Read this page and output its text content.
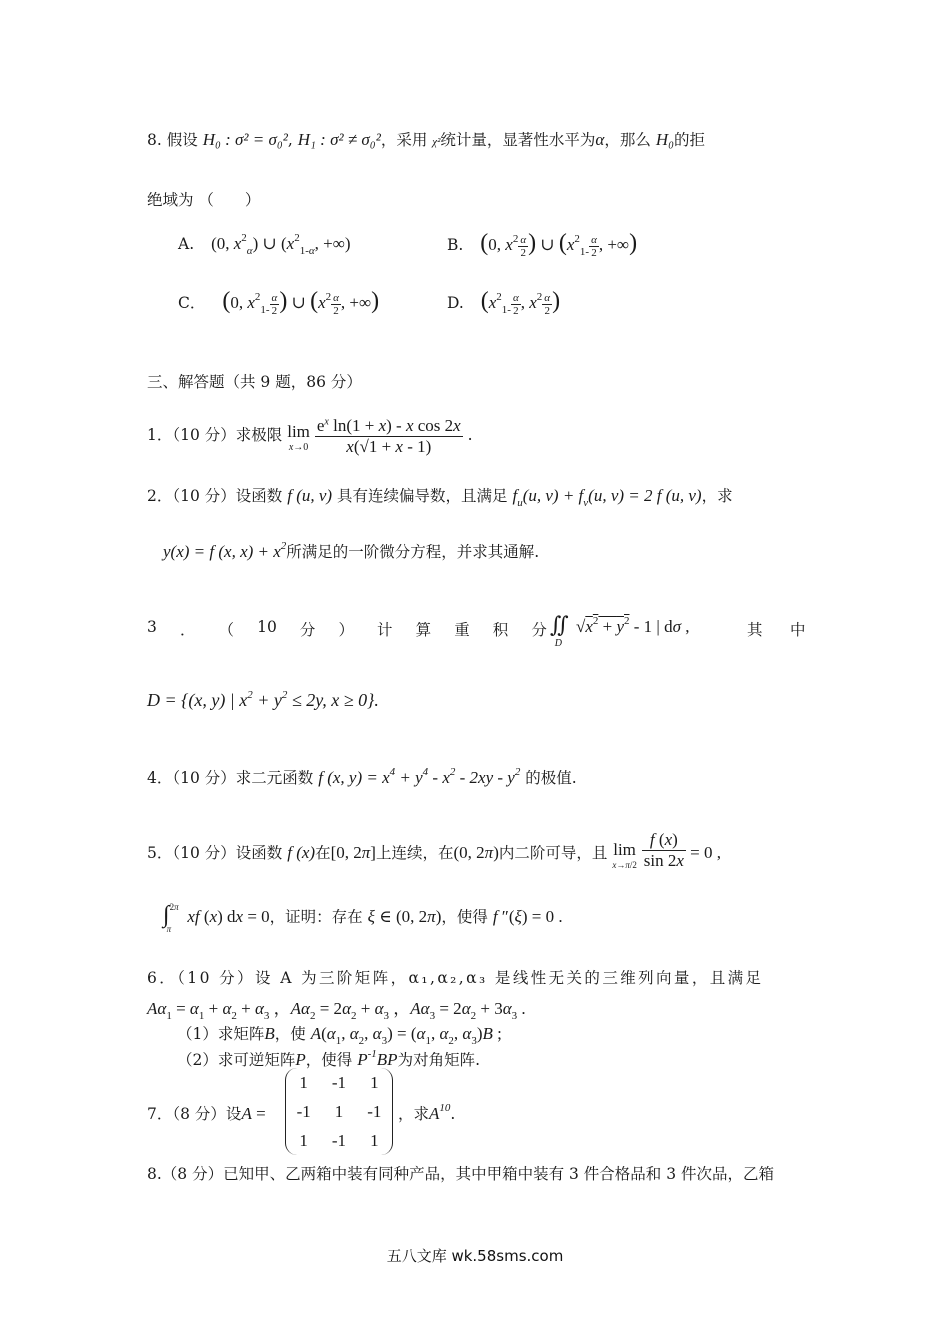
8. 假设 H₀ : σ² = σ₀², H₁ : σ² ≠ σ₀²，采用 χ²统计量，显著性水平为α，那么 H₀的拒
绝域为 （　　）
A. (0, $x^2_\alpha$) ∪ ($x^2_{1-\alpha}$, +∞)	B. (0, $x^2 \frac{\alpha}{2}$ ) ∪ ($x^2_{1-} \frac{\alpha}{2}$ , +∞)
C． (0, $x^2_{1-} \frac{\alpha}{2}$ ) ∪ ($x^2 \frac{\alpha}{2}$ , +∞)	D. ($x^2_{1-} \frac{\alpha}{2}$ , $x^2 \frac{\alpha}{2}$ )
三、解答题（共 9 题，86 分）
1．（10 分）求极限 lim
x→0
$\frac{e^x \ln(1 + x) - x \cos 2x}{x(√1 + x - 1)}$ .
2．（10 分）设函数 f (u, v) 具有连续偏导数，且满足 $f_u(u$, $v) + f_v(u$, v) = 2 f (u, v)，求
y(x) = f (x, $x) + x^2$所满足的一阶微分方程，并求其通解.
3 ． （ 10 分 ） 计 算 重 积 分 $∬_D√x^2 + y^2 - 1$ | dσ ,	其 中
D = {(x, y) | $x^2 + y^2 \le 2y$, x ≥ 0}.
4．（10 分）求二元函数 f (x, $y) = x^4 + y^4 - x^2 - 2xy - y^2$ 的极值.
5．（10 分）设函数 f (x)在[0, 2π]上连续，在(0, 2π)内二阶可导，且 lim
x→π/2
$\frac{f (x)}{\sin 2x} = 0$ ,
∫$^{2\pi}_\pi$ xf (x) dx = 0，证明：存在 ξ ∈ (0, 2π)，使得 f ″(ξ) = 0 .
6．（10 分）设 A 为三阶矩阵，α₁,α₂,α₃ 是线性无关的三维列向量，且满足
$A\alpha_1 = \alpha_1 + \alpha_2 + \alpha_3$ ，$A\alpha_2 = 2\alpha_2 + \alpha_3$ ，$A\alpha_3 = 2\alpha_2 + 3\alpha_3$ .
（1）求矩阵B，使 $A(\alpha_1$, $\alpha_2$, $\alpha_3) = (\alpha_1$, $\alpha_2$, $\alpha_3)B$ ;
（2）求可逆矩阵P，使得 $P^{-1}BP$为对角矩阵.
7．（8 分）设A =
1	-1	1
-1	1	-1
1	-1	1
，求$A^{10}$.
8.（8 分）已知甲、乙两箱中装有同种产品，其中甲箱中装有 3 件合格品和 3 件次品，乙箱
五八文库 wk.58sms.com
